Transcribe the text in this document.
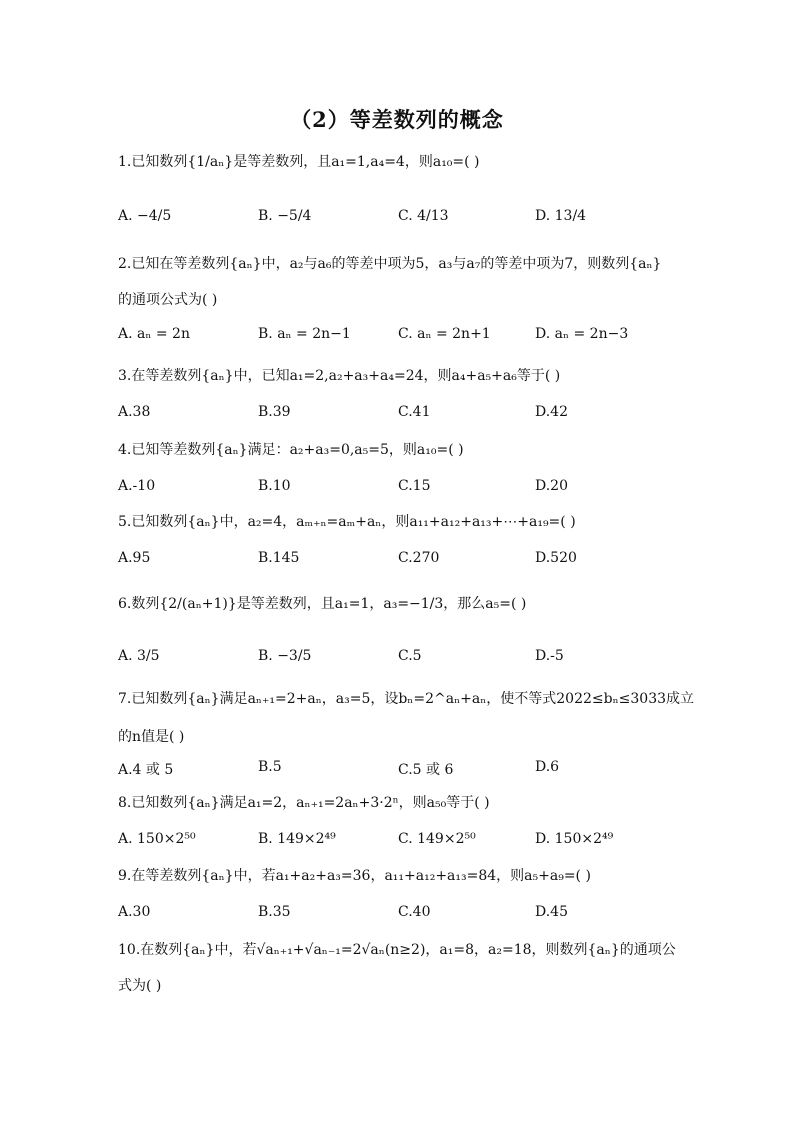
（2）等差数列的概念
1.已知数列{1/aₙ}是等差数列，且a₁=1,a₄=4，则a₁₀=( )
A. −4/5	B. −5/4	C. 4/13	D. 13/4
2.已知在等差数列{aₙ}中，a₂与a₆的等差中项为5，a₃与a₇的等差中项为7，则数列{aₙ}
的通项公式为( )
A. aₙ = 2n	B. aₙ = 2n−1	C. aₙ = 2n+1	D. aₙ = 2n−3
3.在等差数列{aₙ}中，已知a₁=2,a₂+a₃+a₄=24，则a₄+a₅+a₆等于( )
A.38	B.39	C.41	D.42
4.已知等差数列{aₙ}满足：a₂+a₃=0,a₅=5，则a₁₀=( )
A.-10	B.10	C.15	D.20
5.已知数列{aₙ}中，a₂=4，aₘ₊ₙ=aₘ+aₙ，则a₁₁+a₁₂+a₁₃+⋯+a₁₉=( )
A.95	B.145	C.270	D.520
6.数列{2/(aₙ+1)}是等差数列，且a₁=1，a₃=−1/3，那么a₅=( )
A. 3/5	B. −3/5	C.5	D.-5
7.已知数列{aₙ}满足aₙ₊₁=2+aₙ，a₃=5，设bₙ=2^aₙ+aₙ，使不等式2022≤bₙ≤3033成立
的n值是( )
A.4 或 5	B.5	C.5 或 6	D.6
8.已知数列{aₙ}满足a₁=2，aₙ₊₁=2aₙ+3·2ⁿ，则a₅₀等于( )
A. 150×2⁵⁰	B. 149×2⁴⁹	C. 149×2⁵⁰	D. 150×2⁴⁹
9.在等差数列{aₙ}中，若a₁+a₂+a₃=36，a₁₁+a₁₂+a₁₃=84，则a₅+a₉=( )
A.30	B.35	C.40	D.45
10.在数列{aₙ}中，若√aₙ₊₁+√aₙ₋₁=2√aₙ(n≥2)，a₁=8，a₂=18，则数列{aₙ}的通项公
式为( )
